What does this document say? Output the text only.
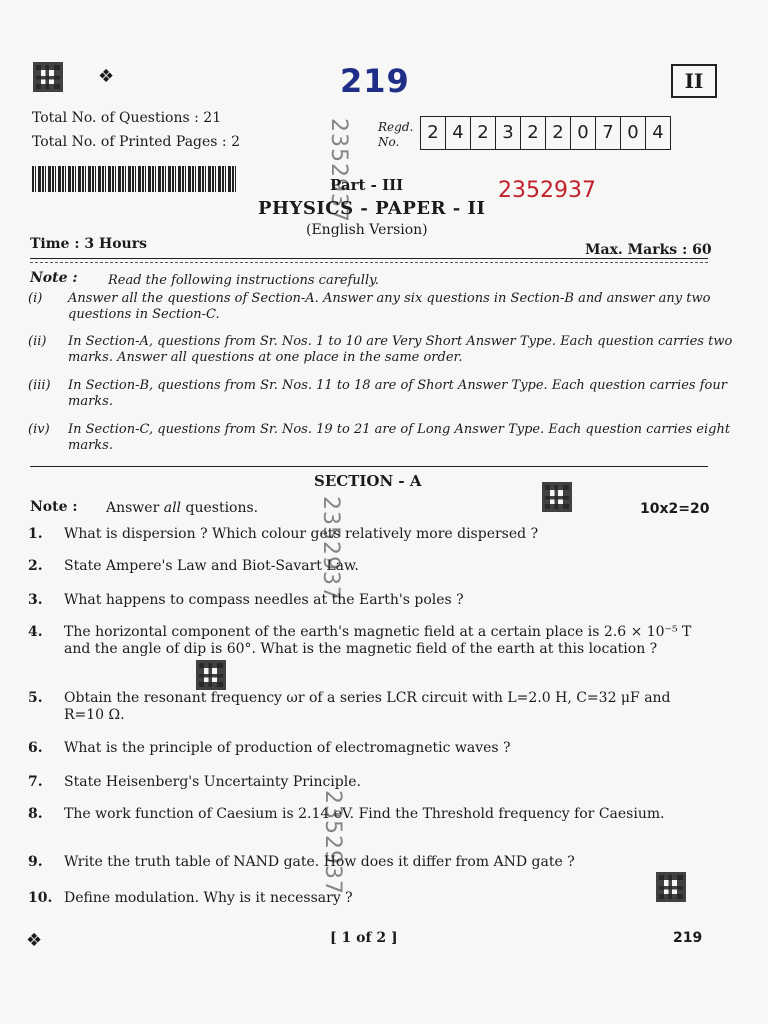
❖	219	II
Total No. of Questions : 21
Total No. of Printed Pages : 2
Regd.
No.	2 4 2 3 2 2 0 7 0 4
2352937
Part - III	2352937
PHYSICS - PAPER - II
(English Version)
Time : 3 Hours	Max. Marks : 60
Note : Read the following instructions carefully.
(i) Answer all the questions of Section-A. Answer any six questions in Section-B and answer any two questions in Section-C.
(ii) In Section-A, questions from Sr. Nos. 1 to 10 are Very Short Answer Type. Each question carries two marks. Answer all questions at one place in the same order.
(iii) In Section-B, questions from Sr. Nos. 11 to 18 are of Short Answer Type. Each question carries four marks.
(iv) In Section-C, questions from Sr. Nos. 19 to 21 are of Long Answer Type. Each question carries eight marks.
SECTION - A
2352937
Note : Answer all questions.	10x2=20
1. What is dispersion ? Which colour gets relatively more dispersed ?
2. State Ampere's Law and Biot-Savart Law.
3. What happens to compass needles at the Earth's poles ?
4. The horizontal component of the earth's magnetic field at a certain place is 2.6 × 10⁻⁵ T and the angle of dip is 60°. What is the magnetic field of the earth at this location ?
5. Obtain the resonant frequency ωr of a series LCR circuit with L=2.0 H, C=32 μF and R=10 Ω.
6. What is the principle of production of electromagnetic waves ?
7. State Heisenberg's Uncertainty Principle.
8. The work function of Caesium is 2.14 eV. Find the Threshold frequency for Caesium.
2352937
9. Write the truth table of NAND gate. How does it differ from AND gate ?
10. Define modulation. Why is it necessary ?
❖	[ 1 of 2 ]	219
